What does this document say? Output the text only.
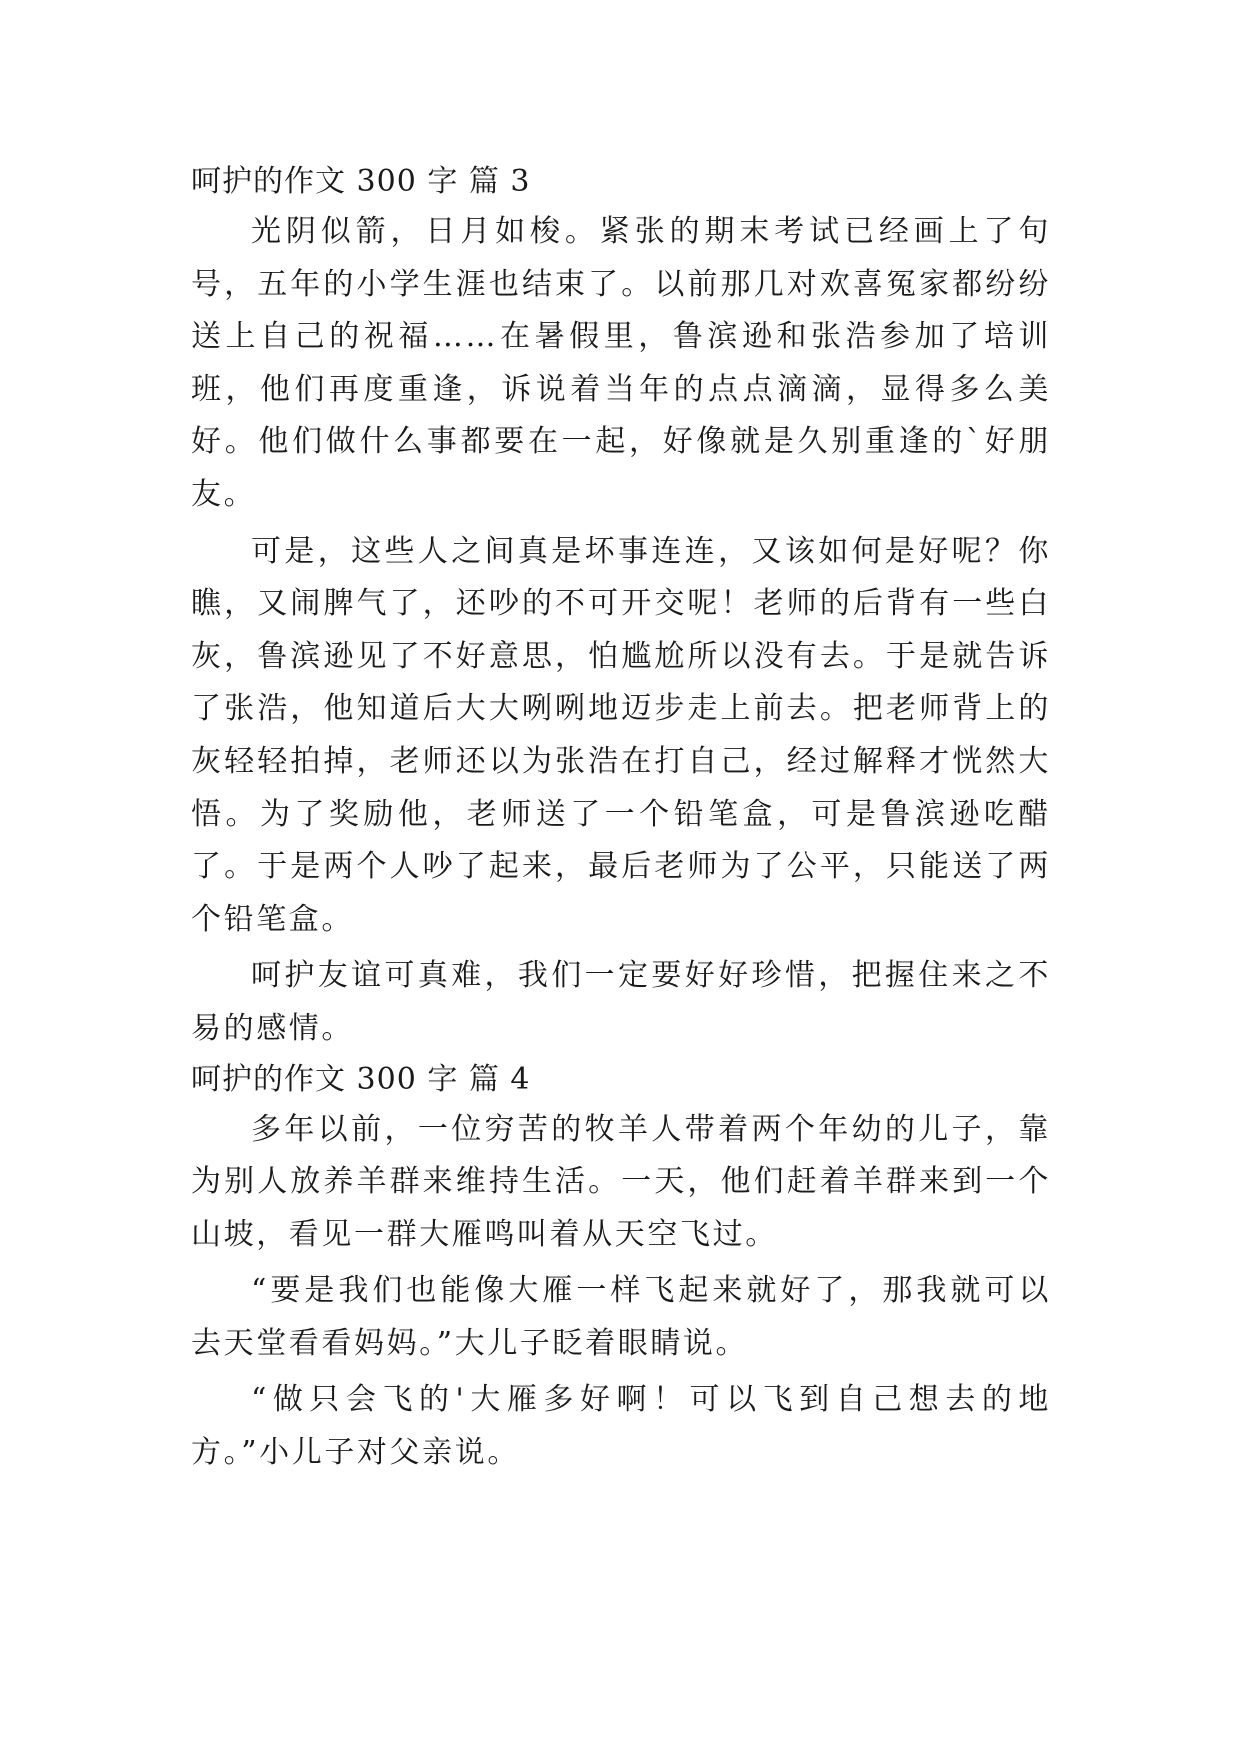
呵护的作文 300 字 篇 3

光阴似箭，日月如梭。紧张的期末考试已经画上了句号，五年的小学生涯也结束了。以前那几对欢喜冤家都纷纷送上自己的祝福……在暑假里，鲁滨逊和张浩参加了培训班，他们再度重逢，诉说着当年的点点滴滴，显得多么美好。他们做什么事都要在一起，好像就是久别重逢的`好朋友。

可是，这些人之间真是坏事连连，又该如何是好呢？你瞧，又闹脾气了，还吵的不可开交呢！老师的后背有一些白灰，鲁滨逊见了不好意思，怕尴尬所以没有去。于是就告诉了张浩，他知道后大大咧咧地迈步走上前去。把老师背上的灰轻轻拍掉，老师还以为张浩在打自己，经过解释才恍然大悟。为了奖励他，老师送了一个铅笔盒，可是鲁滨逊吃醋了。于是两个人吵了起来，最后老师为了公平，只能送了两个铅笔盒。

呵护友谊可真难，我们一定要好好珍惜，把握住来之不易的感情。

呵护的作文 300 字 篇 4

多年以前，一位穷苦的牧羊人带着两个年幼的儿子，靠为别人放养羊群来维持生活。一天，他们赶着羊群来到一个山坡，看见一群大雁鸣叫着从天空飞过。

“要是我们也能像大雁一样飞起来就好了，那我就可以去天堂看看妈妈。”大儿子眨着眼睛说。

“做只会飞的'大雁多好啊！可以飞到自己想去的地方。”小儿子对父亲说。
